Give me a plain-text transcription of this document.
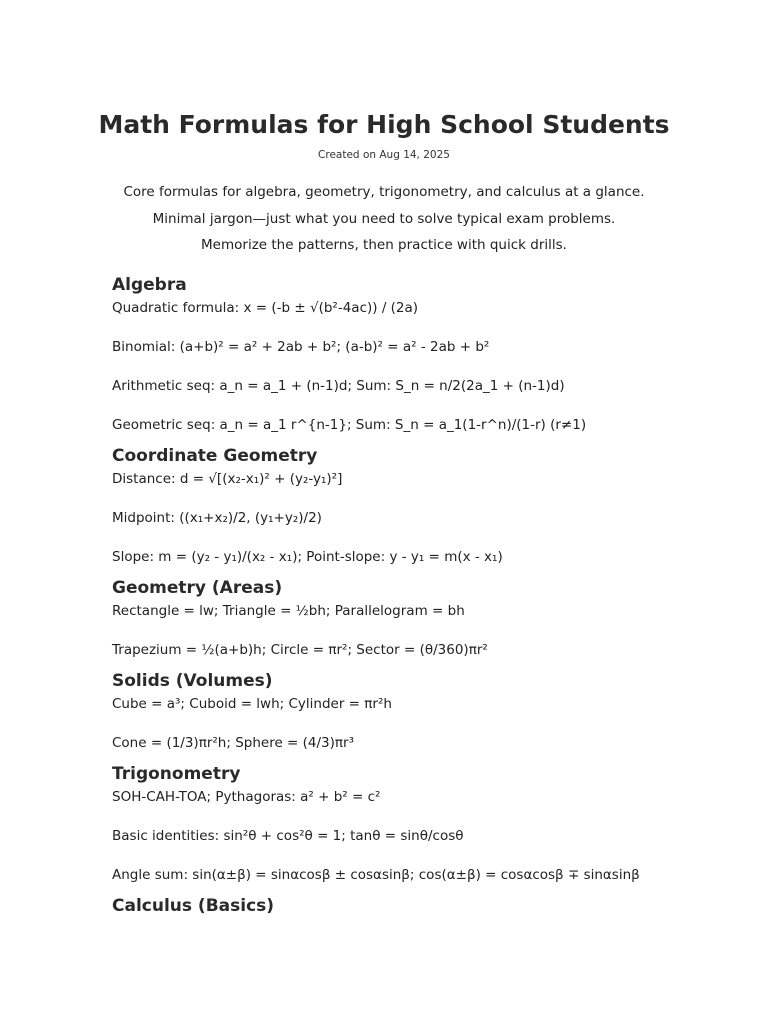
Math Formulas for High School Students
Created on Aug 14, 2025
Core formulas for algebra, geometry, trigonometry, and calculus at a glance.
Minimal jargon—just what you need to solve typical exam problems.
Memorize the patterns, then practice with quick drills.
Algebra
Quadratic formula: x = (-b ± √(b²-4ac)) / (2a)
Binomial: (a+b)² = a² + 2ab + b²; (a-b)² = a² - 2ab + b²
Arithmetic seq: a_n = a_1 + (n-1)d; Sum: S_n = n/2(2a_1 + (n-1)d)
Geometric seq: a_n = a_1 r^{n-1}; Sum: S_n = a_1(1-r^n)/(1-r) (r≠1)
Coordinate Geometry
Distance: d = √[(x₂-x₁)² + (y₂-y₁)²]
Midpoint: ((x₁+x₂)/2, (y₁+y₂)/2)
Slope: m = (y₂ - y₁)/(x₂ - x₁); Point-slope: y - y₁ = m(x - x₁)
Geometry (Areas)
Rectangle = lw; Triangle = ½bh; Parallelogram = bh
Trapezium = ½(a+b)h; Circle = πr²; Sector = (θ/360)πr²
Solids (Volumes)
Cube = a³; Cuboid = lwh; Cylinder = πr²h
Cone = (1/3)πr²h; Sphere = (4/3)πr³
Trigonometry
SOH-CAH-TOA; Pythagoras: a² + b² = c²
Basic identities: sin²θ + cos²θ = 1; tanθ = sinθ/cosθ
Angle sum: sin(α±β) = sinαcosβ ± cosαsinβ; cos(α±β) = cosαcosβ ∓ sinαsinβ
Calculus (Basics)
